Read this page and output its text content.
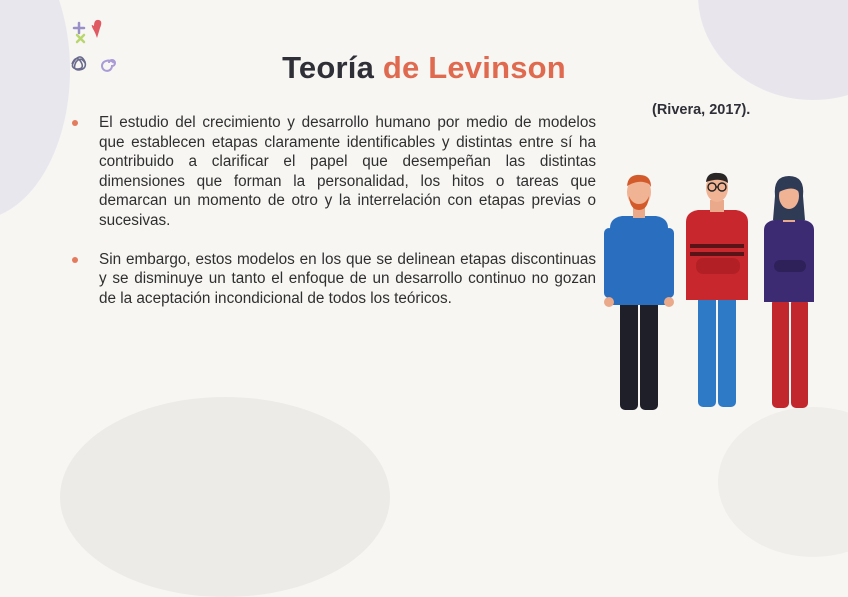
Teoría de Levinson
(Rivera, 2017).
El estudio del crecimiento y desarrollo humano por medio de modelos que establecen etapas claramente identificables y distintas entre sí ha contribuido a clarificar el papel que desempeñan las distintas dimensiones que forman la personalidad, los hitos o tareas que demarcan un momento de otro y la interrelación con etapas previas o sucesivas.
Sin embargo, estos modelos en los que se delinean etapas discontinuas y se disminuye un tanto el enfoque de un desarrollo continuo no gozan de la aceptación incondicional de todos los teóricos.
